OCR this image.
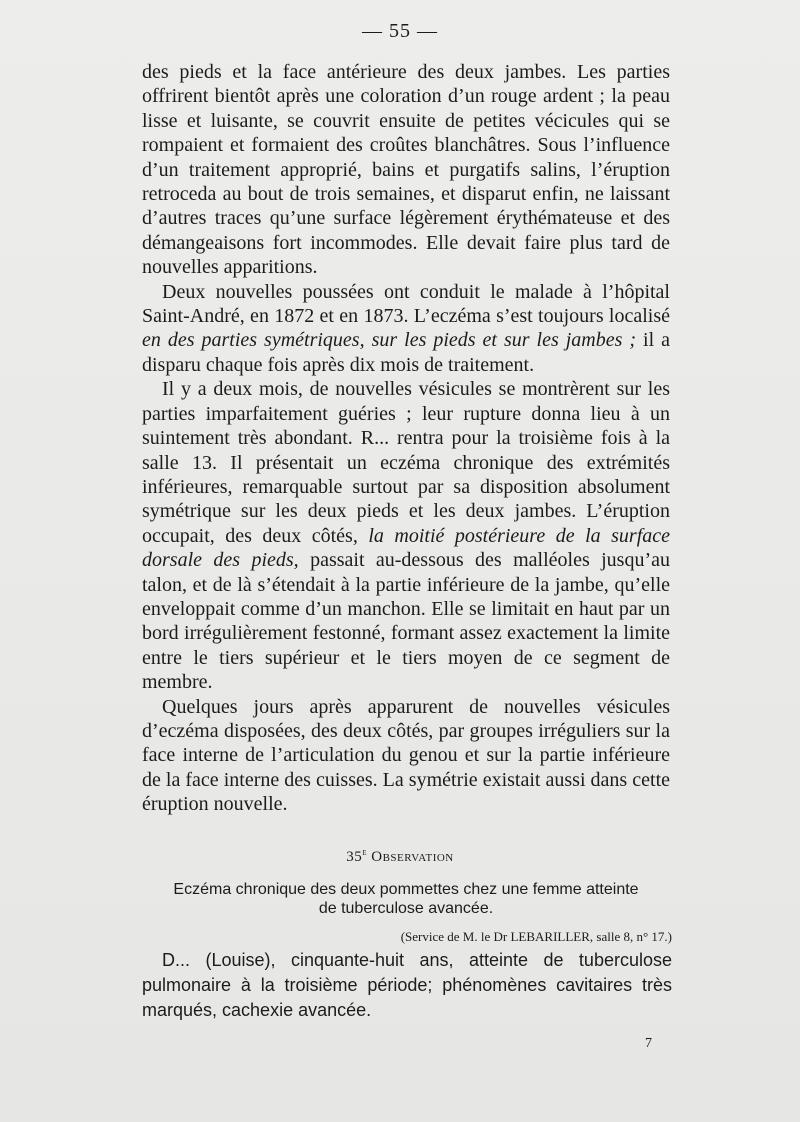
— 55 —

des pieds et la face antérieure des deux jambes. Les parties offrirent bientôt après une coloration d’un rouge ardent ; la peau lisse et luisante, se couvrit ensuite de petites vécicules qui se rompaient et formaient des croûtes blanchâtres. Sous l’influence d’un traitement approprié, bains et purgatifs salins, l’éruption retroceda au bout de trois semaines, et disparut enfin, ne laissant d’autres traces qu’une surface légèrement érythémateuse et des démangeaisons fort incommodes. Elle devait faire plus tard de nouvelles apparitions.

Deux nouvelles poussées ont conduit le malade à l’hôpital Saint-André, en 1872 et en 1873. L’eczéma s’est toujours localisé en des parties symétriques, sur les pieds et sur les jambes ; il a disparu chaque fois après dix mois de traitement.

Il y a deux mois, de nouvelles vésicules se montrèrent sur les parties imparfaitement guéries ; leur rupture donna lieu à un suintement très abondant. R... rentra pour la troisième fois à la salle 13. Il présentait un eczéma chronique des extrémités inférieures, remarquable surtout par sa disposition absolument symétrique sur les deux pieds et les deux jambes. L’éruption occupait, des deux côtés, la moitié postérieure de la surface dorsale des pieds, passait au-dessous des malléoles jusqu’au talon, et de là s’étendait à la partie inférieure de la jambe, qu’elle enveloppait comme d’un manchon. Elle se limitait en haut par un bord irrégulièrement festonné, formant assez exactement la limite entre le tiers supérieur et le tiers moyen de ce segment de membre.

Quelques jours après apparurent de nouvelles vésicules d’eczéma disposées, des deux côtés, par groupes irréguliers sur la face interne de l’articulation du genou et sur la partie inférieure de la face interne des cuisses. La symétrie existait aussi dans cette éruption nouvelle.

35e Observation
Eczéma chronique des deux pommettes chez une femme atteinte
de tuberculose avancée.
(Service de M. le Dr LEBARILLER, salle 8, n° 17.)

D... (Louise), cinquante-huit ans, atteinte de tuberculose pulmonaire à la troisième période; phénomènes cavitaires très marqués, cachexie avancée.

7
